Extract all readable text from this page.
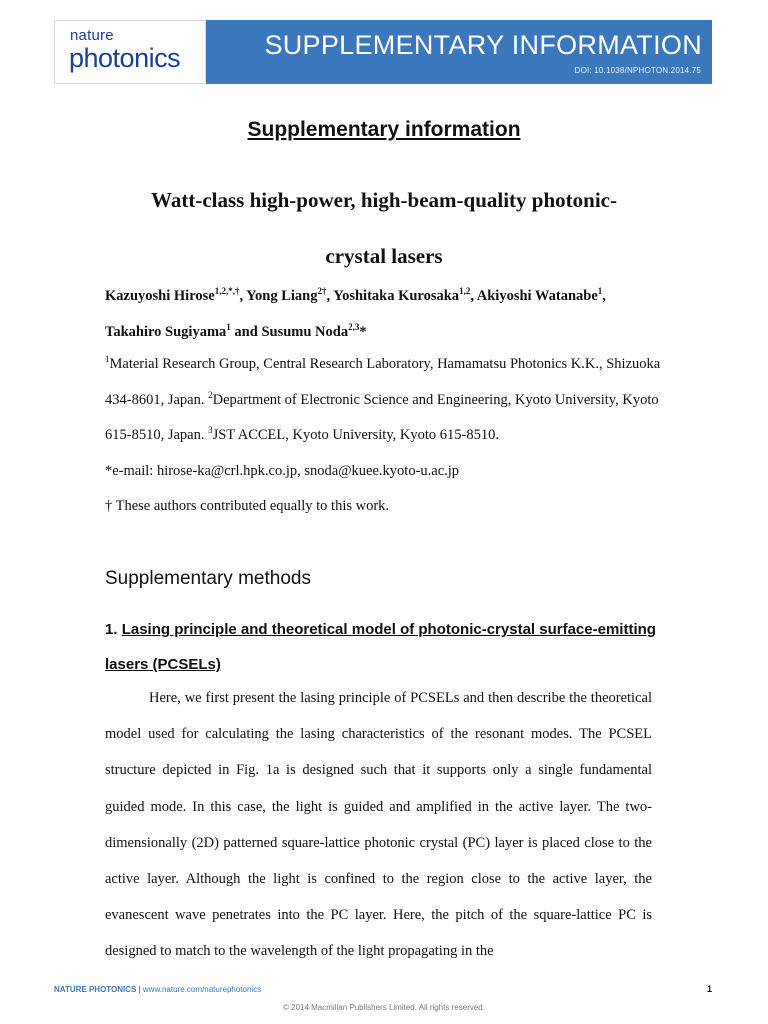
SUPPLEMENTARY INFORMATION
DOI: 10.1038/NPHOTON.2014.75
nature
photonics
Supplementary information
Watt-class high-power, high-beam-quality photonic-
crystal lasers

Kazuyoshi Hirose$^{1,2,*,\dagger}$, Yong Liang$^{2\dagger}$, Yoshitaka Kurosaka$^{1,2}$, Akiyoshi Watanabe$^1$,
Takahiro Sugiyama$^1$ and Susumu Noda$^{2,3}$*

$^1$Material Research Group, Central Research Laboratory, Hamamatsu Photonics K.K., Shizuoka 434-8601, Japan. $^2$Department of Electronic Science and Engineering, Kyoto University, Kyoto 615-8510, Japan. $^3$JST ACCEL, Kyoto University, Kyoto 615-8510.
*e-mail: hirose-ka@crl.hpk.co.jp, snoda@kuee.kyoto-u.ac.jp
† These authors contributed equally to this work.

Supplementary methods
1. Lasing principle and theoretical model of photonic-crystal surface-emitting lasers (PCSELs)

Here, we first present the lasing principle of PCSELs and then describe the theoretical model used for calculating the lasing characteristics of the resonant modes. The PCSEL structure depicted in Fig. 1a is designed such that it supports only a single fundamental guided mode. In this case, the light is guided and amplified in the active layer. The two-dimensionally (2D) patterned square-lattice photonic crystal (PC) layer is placed close to the active layer. Although the light is confined to the region close to the active layer, the evanescent wave penetrates into the PC layer. Here, the pitch of the square-lattice PC is designed to match to the wavelength of the light propagating in the

NATURE PHOTONICS | www.nature.com/naturephotonics	1
© 2014 Macmillan Publishers Limited. All rights reserved.
